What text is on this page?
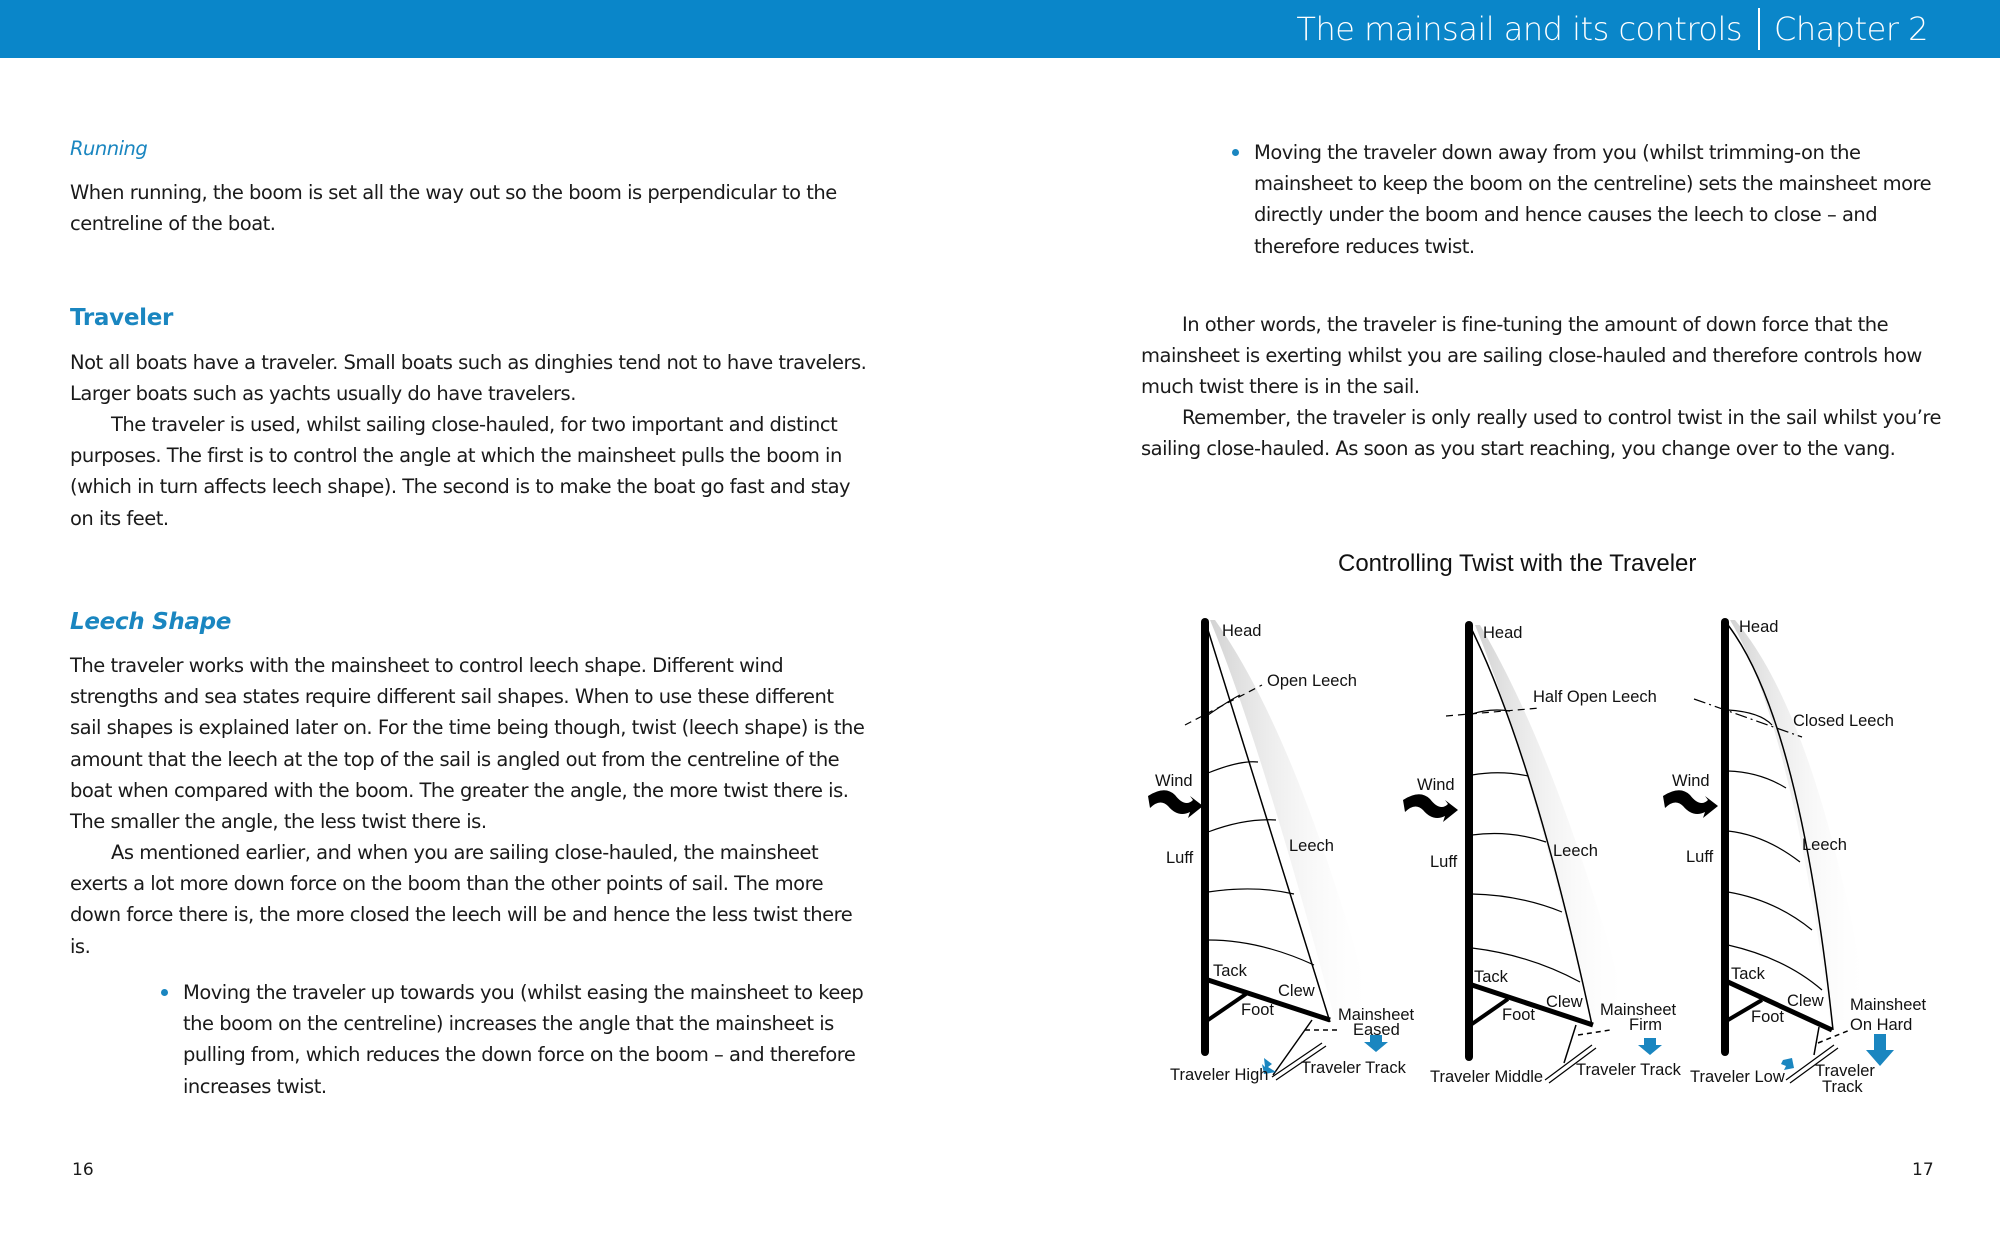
The mainsail and its controls Chapter 2

Running

When running, the boom is set all the way out so the boom is perpendicular to the centreline of the boat.

Traveler

Not all boats have a traveler. Small boats such as dinghies tend not to have travelers. Larger boats such as yachts usually do have travelers.

The traveler is used, whilst sailing close-hauled, for two important and distinct purposes. The first is to control the angle at which the mainsheet pulls the boom in (which in turn affects leech shape). The second is to make the boat go fast and stay on its feet.

Leech Shape

The traveler works with the mainsheet to control leech shape. Different wind strengths and sea states require different sail shapes. When to use these different sail shapes is explained later on. For the time being though, twist (leech shape) is the amount that the leech at the top of the sail is angled out from the centreline of the boat when compared with the boom. The greater the angle, the more twist there is. The smaller the angle, the less twist there is.

As mentioned earlier, and when you are sailing close-hauled, the mainsheet exerts a lot more down force on the boom than the other points of sail. The more down force there is, the more closed the leech will be and hence the less twist there is.

Moving the traveler up towards you (whilst easing the mainsheet to keep the boom on the centreline) increases the angle that the mainsheet is pulling from, which reduces the down force on the boom – and therefore increases twist.

16

Moving the traveler down away from you (whilst trimming-on the mainsheet to keep the boom on the centreline) sets the mainsheet more directly under the boom and hence causes the leech to close – and therefore reduces twist.

In other words, the traveler is fine-tuning the amount of down force that the mainsheet is exerting whilst you are sailing close-hauled and therefore controls how much twist there is in the sail.

Remember, the traveler is only really used to control twist in the sail whilst you’re sailing close-hauled. As soon as you start reaching, you change over to the vang.

Controlling Twist with the Traveler
Head
Open Leech
Wind
Luff
Leech
Tack
Clew
Foot	Mainsheet
Eased
Traveler High Traveler Track
Head
Half Open Leech
Wind
Luff
Leech
Tack
Clew
Foot	Mainsheet
Firm
Traveler Middle Traveler Track
Head
Closed Leech
Wind
Luff
Leech
Tack
Clew
Foot
Mainsheet
On Hard
Traveler Low Traveler
Track
17
